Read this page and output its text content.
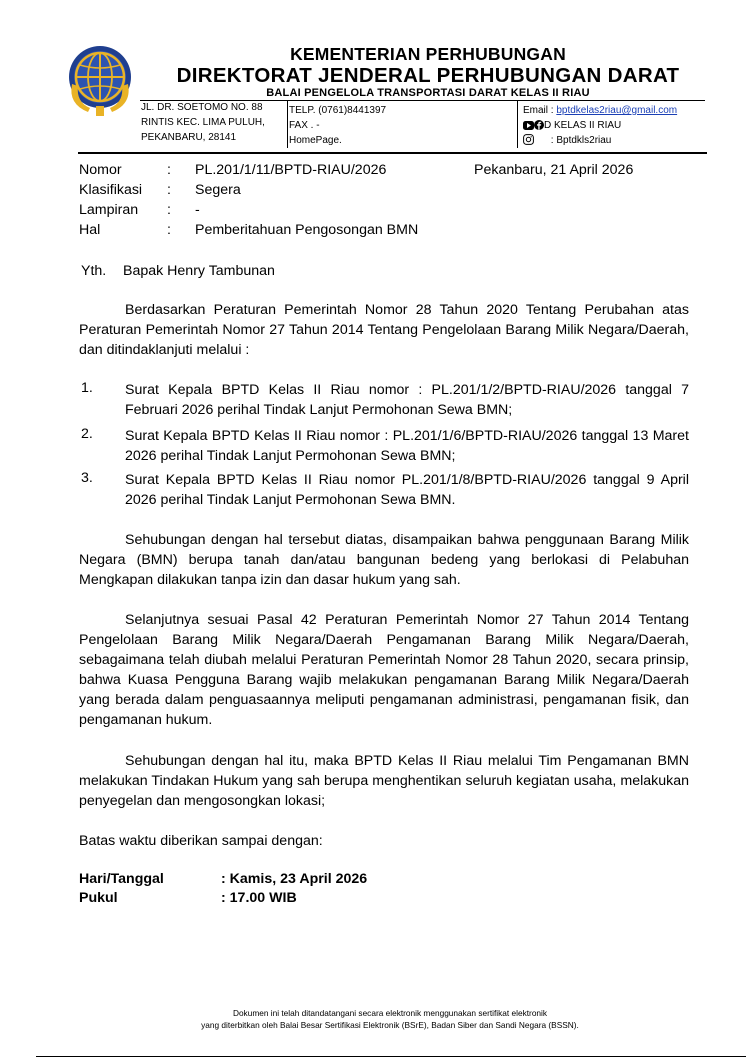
KEMENTERIAN PERHUBUNGAN
DIREKTORAT JENDERAL PERHUBUNGAN DARAT
BALAI PENGELOLA TRANSPORTASI DARAT KELAS II RIAU
JL. DR. SOETOMO NO. 88
RINTIS KEC. LIMA PULUH,
PEKANBARU, 28141
TELP. (0761)8441397
FAX . -
HomePage.
Email : bptdkelas2riau@gmail.com
D KELAS II RIAU
: Bptdkls2riau
Nomor	: PL.201/1/11/BPTD-RIAU/2026	Pekanbaru, 21 April 2026
Klasifikasi : Segera
Lampiran : -
Hal	: Pemberitahuan Pengosongan BMN
Yth. Bapak Henry Tambunan
Berdasarkan Peraturan Pemerintah Nomor 28 Tahun 2020 Tentang Perubahan atas Peraturan Pemerintah Nomor 27 Tahun 2014 Tentang Pengelolaan Barang Milik Negara/Daerah, dan ditindaklanjuti melalui :
1. Surat Kepala BPTD Kelas II Riau nomor : PL.201/1/2/BPTD-RIAU/2026 tanggal 7 Februari 2026 perihal Tindak Lanjut Permohonan Sewa BMN;
2. Surat Kepala BPTD Kelas II Riau nomor : PL.201/1/6/BPTD-RIAU/2026 tanggal 13 Maret 2026 perihal Tindak Lanjut Permohonan Sewa BMN;
3. Surat Kepala BPTD Kelas II Riau nomor PL.201/1/8/BPTD-RIAU/2026 tanggal 9 April 2026 perihal Tindak Lanjut Permohonan Sewa BMN.
Sehubungan dengan hal tersebut diatas, disampaikan bahwa penggunaan Barang Milik Negara (BMN) berupa tanah dan/atau bangunan bedeng yang berlokasi di Pelabuhan Mengkapan dilakukan tanpa izin dan dasar hukum yang sah.
Selanjutnya sesuai Pasal 42 Peraturan Pemerintah Nomor 27 Tahun 2014 Tentang Pengelolaan Barang Milik Negara/Daerah Pengamanan Barang Milik Negara/Daerah, sebagaimana telah diubah melalui Peraturan Pemerintah Nomor 28 Tahun 2020, secara prinsip, bahwa Kuasa Pengguna Barang wajib melakukan pengamanan Barang Milik Negara/Daerah yang berada dalam penguasaannya meliputi pengamanan administrasi, pengamanan fisik, dan pengamanan hukum.
Sehubungan dengan hal itu, maka BPTD Kelas II Riau melalui Tim Pengamanan BMN melakukan Tindakan Hukum yang sah berupa menghentikan seluruh kegiatan usaha, melakukan penyegelan dan mengosongkan lokasi;
Batas waktu diberikan sampai dengan:
Hari/Tanggal	: Kamis, 23 April 2026
Pukul	: 17.00 WIB
Dokumen ini telah ditandatangani secara elektronik menggunakan sertifikat elektronik
yang diterbitkan oleh Balai Besar Sertifikasi Elektronik (BSrE), Badan Siber dan Sandi Negara (BSSN).
